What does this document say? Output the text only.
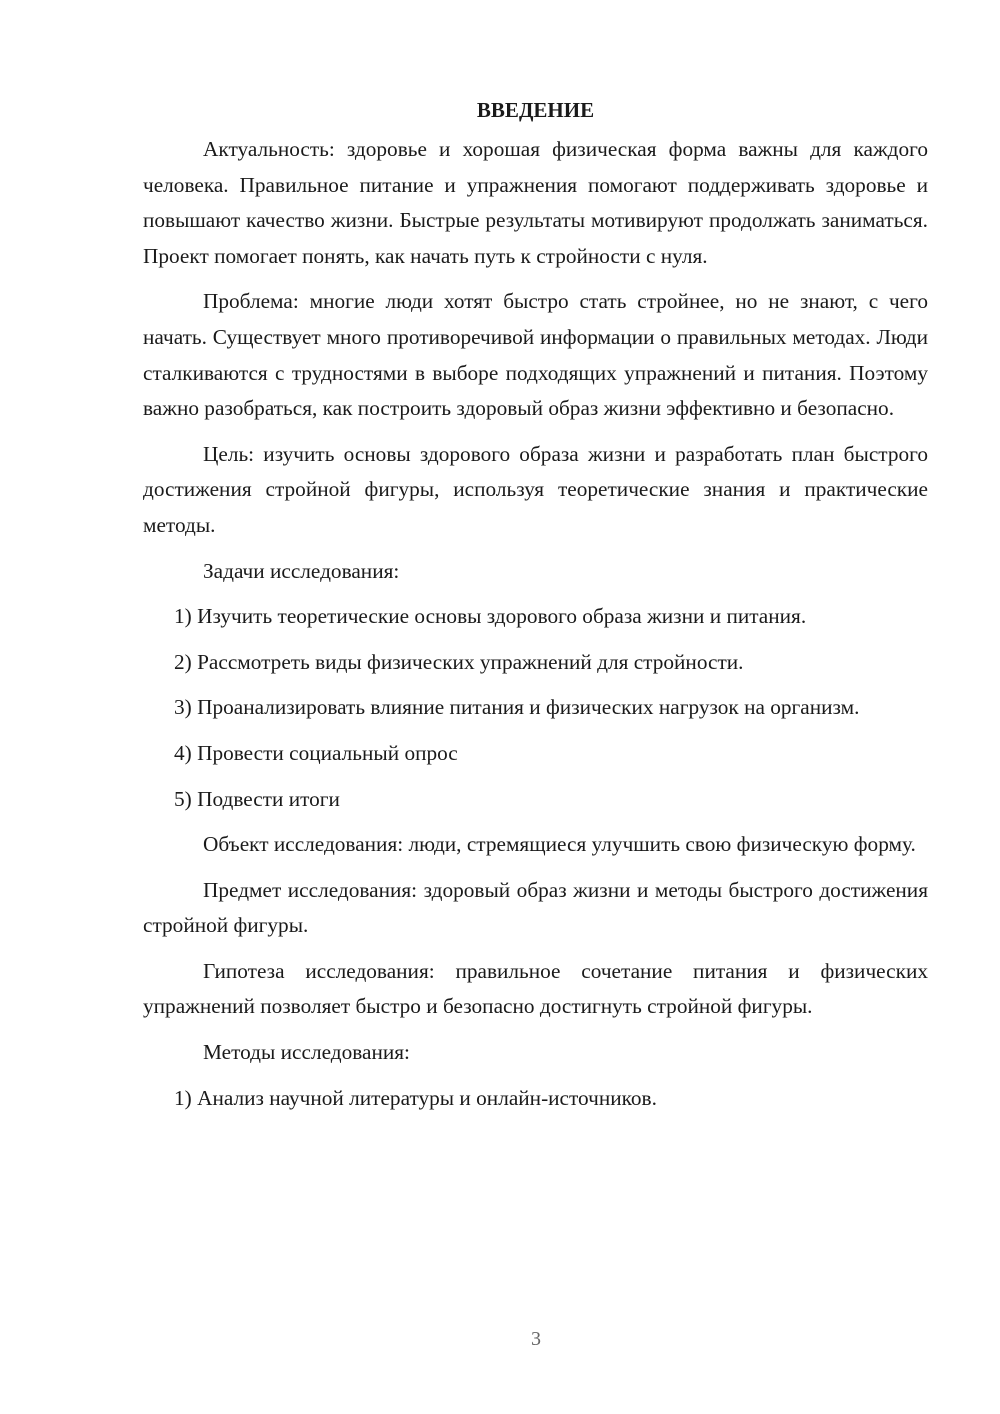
ВВЕДЕНИЕ

Актуальность: здоровье и хорошая физическая форма важны для каждого человека. Правильное питание и упражнения помогают поддерживать здоровье и повышают качество жизни. Быстрые результаты мотивируют продолжать заниматься. Проект помогает понять, как начать путь к стройности с нуля.

Проблема: многие люди хотят быстро стать стройнее, но не знают, с чего начать. Существует много противоречивой информации о правильных методах. Люди сталкиваются с трудностями в выборе подходящих упражнений и питания. Поэтому важно разобраться, как построить здоровый образ жизни эффективно и безопасно.

Цель: изучить основы здорового образа жизни и разработать план быстрого достижения стройной фигуры, используя теоретические знания и практические методы.

Задачи исследования:

1) Изучить теоретические основы здорового образа жизни и питания.

2) Рассмотреть виды физических упражнений для стройности.

3) Проанализировать влияние питания и физических нагрузок на организм.

4) Провести социальный опрос

5) Подвести итоги

Объект исследования: люди, стремящиеся улучшить свою физическую форму.

Предмет исследования: здоровый образ жизни и методы быстрого достижения стройной фигуры.

Гипотеза исследования: правильное сочетание питания и физических упражнений позволяет быстро и безопасно достигнуть стройной фигуры.

Методы исследования:

1) Анализ научной литературы и онлайн-источников.

3
